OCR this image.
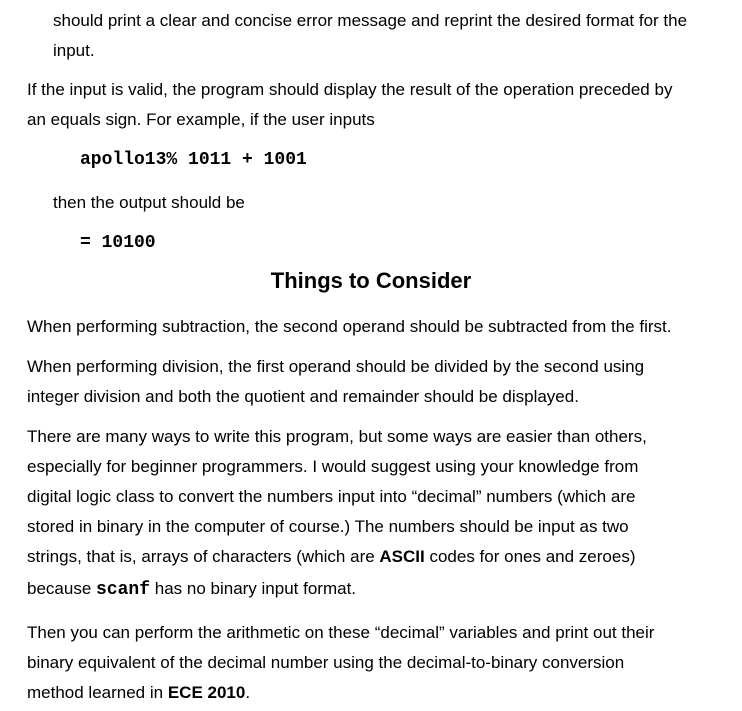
should print a clear and concise error message and reprint the desired format for the

input.

If the input is valid, the program should display the result of the operation preceded by
an equals sign. For example, if the user inputs

apollo13% 1011 + 1001

then the output should be

= 10100

Things to Consider
When performing subtraction, the second operand should be subtracted from the first.
When performing division, the first operand should be divided by the second using
integer division and both the quotient and remainder should be displayed.
There are many ways to write this program, but some ways are easier than others,
especially for beginner programmers. I would suggest using your knowledge from
digital logic class to convert the numbers input into “decimal” numbers (which are
stored in binary in the computer of course.) The numbers should be input as two
strings, that is, arrays of characters (which are ASCII codes for ones and zeroes)
because scanf has no binary input format.
Then you can perform the arithmetic on these “decimal” variables and print out their
binary equivalent of the decimal number using the decimal-to-binary conversion
method learned in ECE 2010.
